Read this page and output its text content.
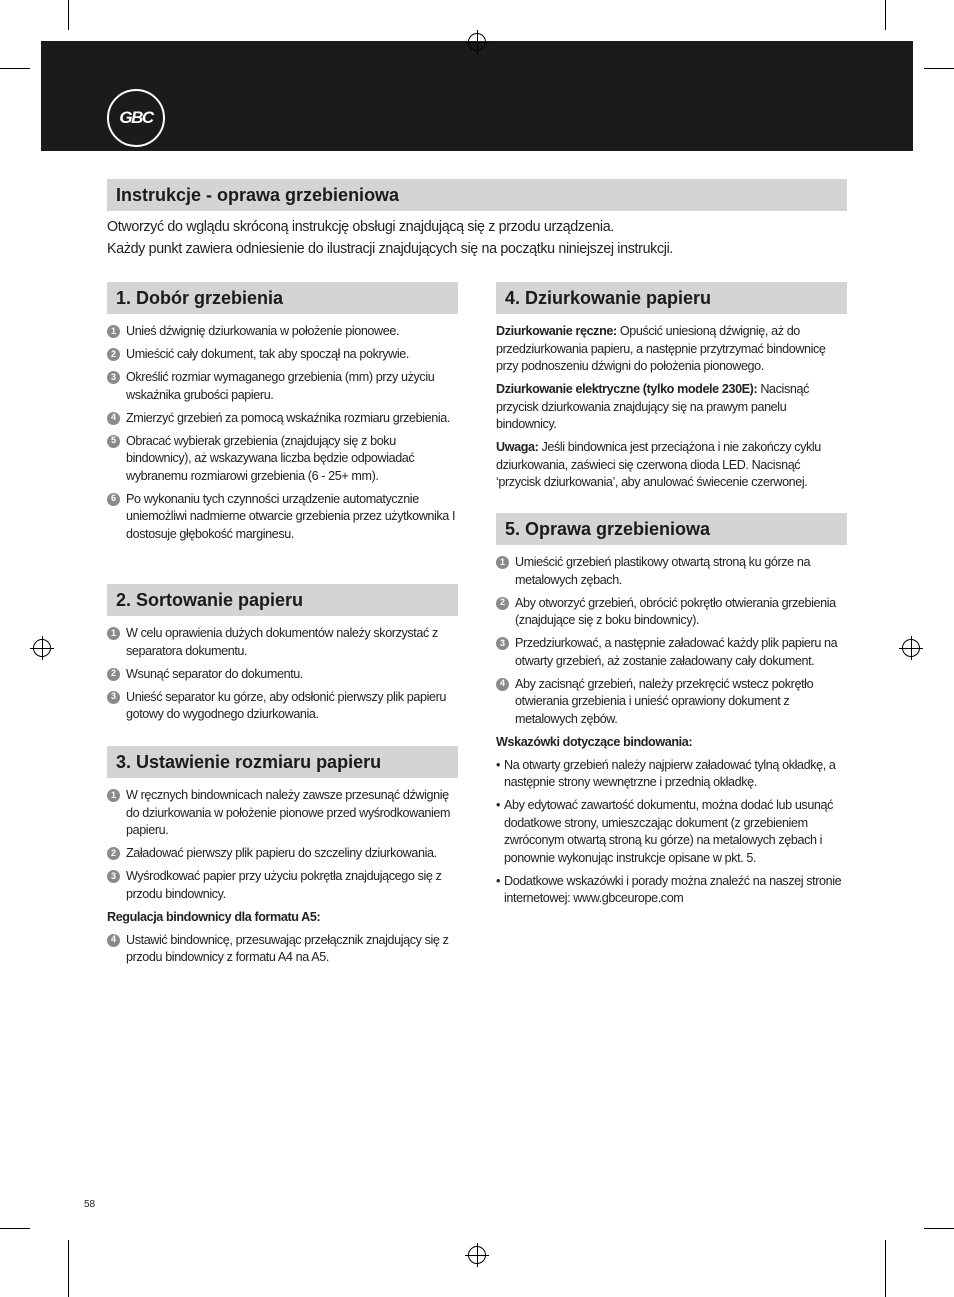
GBC
Instrukcje - oprawa grzebieniowa
Otworzyć do wglądu skróconą instrukcję obsługi znajdującą się z przodu urządzenia.
Każdy punkt zawiera odniesienie do ilustracji znajdujących się na początku niniejszej instrukcji.
1. Dobór grzebienia
1 Unieś dźwignię dziurkowania w położenie pionowee.
2 Umieścić cały dokument, tak aby spoczął na pokrywie.
3 Określić rozmiar wymaganego grzebienia (mm) przy użyciu wskaźnika grubości papieru.
4 Zmierzyć grzebień za pomocą wskaźnika rozmiaru grzebienia.
5 Obracać wybierak grzebienia (znajdujący się z boku bindownicy), aż wskazywana liczba będzie odpowiadać wybranemu rozmiarowi grzebienia (6 - 25+ mm).
6 Po wykonaniu tych czynności urządzenie automatycznie uniemożliwi nadmierne otwarcie grzebienia przez użytkownika I dostosuje głębokość marginesu.
2. Sortowanie papieru
1 W celu oprawienia dużych dokumentów należy skorzystać z separatora dokumentu.
2 Wsunąć separator do dokumentu.
3 Unieść separator ku górze, aby odsłonić pierwszy plik papieru gotowy do wygodnego dziurkowania.
3. Ustawienie rozmiaru papieru
1 W ręcznych bindownicach należy zawsze przesunąć dźwignię do dziurkowania w położenie pionowe przed wyśrodkowaniem papieru.
2 Załadować pierwszy plik papieru do szczeliny dziurkowania.
3 Wyśrodkować papier przy użyciu pokrętła znajdującego się z przodu bindownicy.
Regulacja bindownicy dla formatu A5:
4 Ustawić bindownicę, przesuwając przełącznik znajdujący się z przodu bindownicy z formatu A4 na A5.
4. Dziurkowanie papieru
Dziurkowanie ręczne: Opuścić uniesioną dźwignię, aż do przedziurkowania papieru, a następnie przytrzymać bindownicę przy podnoszeniu dźwigni do położenia pionowego.
Dziurkowanie elektryczne (tylko modele 230E): Nacisnąć przycisk dziurkowania znajdujący się na prawym panelu bindownicy.
Uwaga: Jeśli bindownica jest przeciążona i nie zakończy cyklu dziurkowania, zaświeci się czerwona dioda LED. Nacisnąć ‘przycisk dziurkowania’, aby anulować świecenie czerwonej.
5. Oprawa grzebieniowa
1 Umieścić grzebień plastikowy otwartą stroną ku górze na metalowych zębach.
2 Aby otworzyć grzebień, obrócić pokrętło otwierania grzebienia (znajdujące się z boku bindownicy).
3 Przedziurkować, a następnie załadować każdy plik papieru na otwarty grzebień, aż zostanie załadowany cały dokument.
4 Aby zacisnąć grzebień, należy przekręcić wstecz pokrętło otwierania grzebienia i unieść oprawiony dokument z metalowych zębów.
Wskazówki dotyczące bindowania:
• Na otwarty grzebień należy najpierw załadować tylną okładkę, a następnie strony wewnętrzne i przednią okładkę.
• Aby edytować zawartość dokumentu, można dodać lub usunąć dodatkowe strony, umieszczając dokument (z grzebieniem zwróconym otwartą stroną ku górze) na metalowych zębach i ponownie wykonując instrukcje opisane w pkt. 5.
• Dodatkowe wskazówki i porady można znaleźć na naszej stronie internetowej: www.gbceurope.com
58
